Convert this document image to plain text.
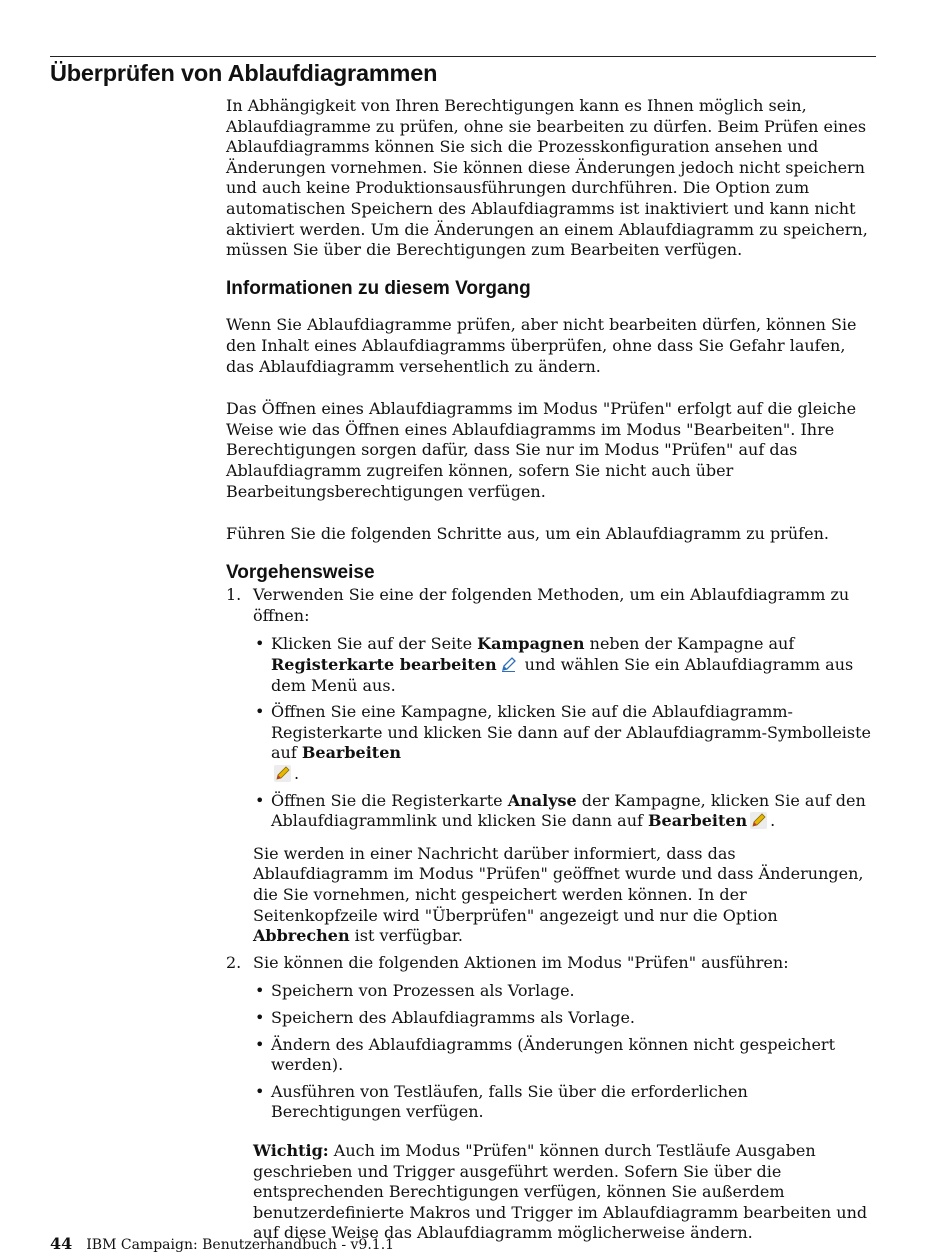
Überprüfen von Ablaufdiagrammen

In Abhängigkeit von Ihren Berechtigungen kann es Ihnen möglich sein, Ablaufdiagramme zu prüfen, ohne sie bearbeiten zu dürfen. Beim Prüfen eines Ablaufdiagramms können Sie sich die Prozesskonfiguration ansehen und Änderungen vornehmen. Sie können diese Änderungen jedoch nicht speichern und auch keine Produktionsausführungen durchführen. Die Option zum automatischen Speichern des Ablaufdiagramms ist inaktiviert und kann nicht aktiviert werden. Um die Änderungen an einem Ablaufdiagramm zu speichern, müssen Sie über die Berechtigungen zum Bearbeiten verfügen.

Informationen zu diesem Vorgang

Wenn Sie Ablaufdiagramme prüfen, aber nicht bearbeiten dürfen, können Sie den Inhalt eines Ablaufdiagramms überprüfen, ohne dass Sie Gefahr laufen, das Ablaufdiagramm versehentlich zu ändern.

Das Öffnen eines Ablaufdiagramms im Modus "Prüfen" erfolgt auf die gleiche Weise wie das Öffnen eines Ablaufdiagramms im Modus "Bearbeiten". Ihre Berechtigungen sorgen dafür, dass Sie nur im Modus "Prüfen" auf das Ablaufdiagramm zugreifen können, sofern Sie nicht auch über Bearbeitungsberechtigungen verfügen.

Führen Sie die folgenden Schritte aus, um ein Ablaufdiagramm zu prüfen.

Vorgehensweise
1. Verwenden Sie eine der folgenden Methoden, um ein Ablaufdiagramm zu öffnen:

• Klicken Sie auf der Seite Kampagnen neben der Kampagne auf Registerkarte bearbeiten
und wählen Sie ein Ablaufdiagramm aus dem Menü aus.
• Öffnen Sie eine Kampagne, klicken Sie auf die Ablaufdiagramm-Registerkarte und klicken Sie dann auf der Ablaufdiagramm-Symbolleiste auf Bearbeiten

.
• Öffnen Sie die Registerkarte Analyse der Kampagne, klicken Sie auf den Ablaufdiagrammlink und klicken Sie dann auf Bearbeiten .

Sie werden in einer Nachricht darüber informiert, dass das Ablaufdiagramm im Modus "Prüfen" geöffnet wurde und dass Änderungen, die Sie vornehmen, nicht gespeichert werden können. In der Seitenkopfzeile wird "Überprüfen" angezeigt und nur die Option Abbrechen ist verfügbar.

2. Sie können die folgenden Aktionen im Modus "Prüfen" ausführen:

• Speichern von Prozessen als Vorlage.
• Speichern des Ablaufdiagramms als Vorlage.
• Ändern des Ablaufdiagramms (Änderungen können nicht gespeichert werden).
• Ausführen von Testläufen, falls Sie über die erforderlichen Berechtigungen verfügen.

Wichtig: Auch im Modus "Prüfen" können durch Testläufe Ausgaben geschrieben und Trigger ausgeführt werden. Sofern Sie über die entsprechenden Berechtigungen verfügen, können Sie außerdem benutzerdefinierte Makros und Trigger im Ablaufdiagramm bearbeiten und auf diese Weise das Ablaufdiagramm möglicherweise ändern.

44 IBM Campaign: Benutzerhandbuch - v9.1.1
